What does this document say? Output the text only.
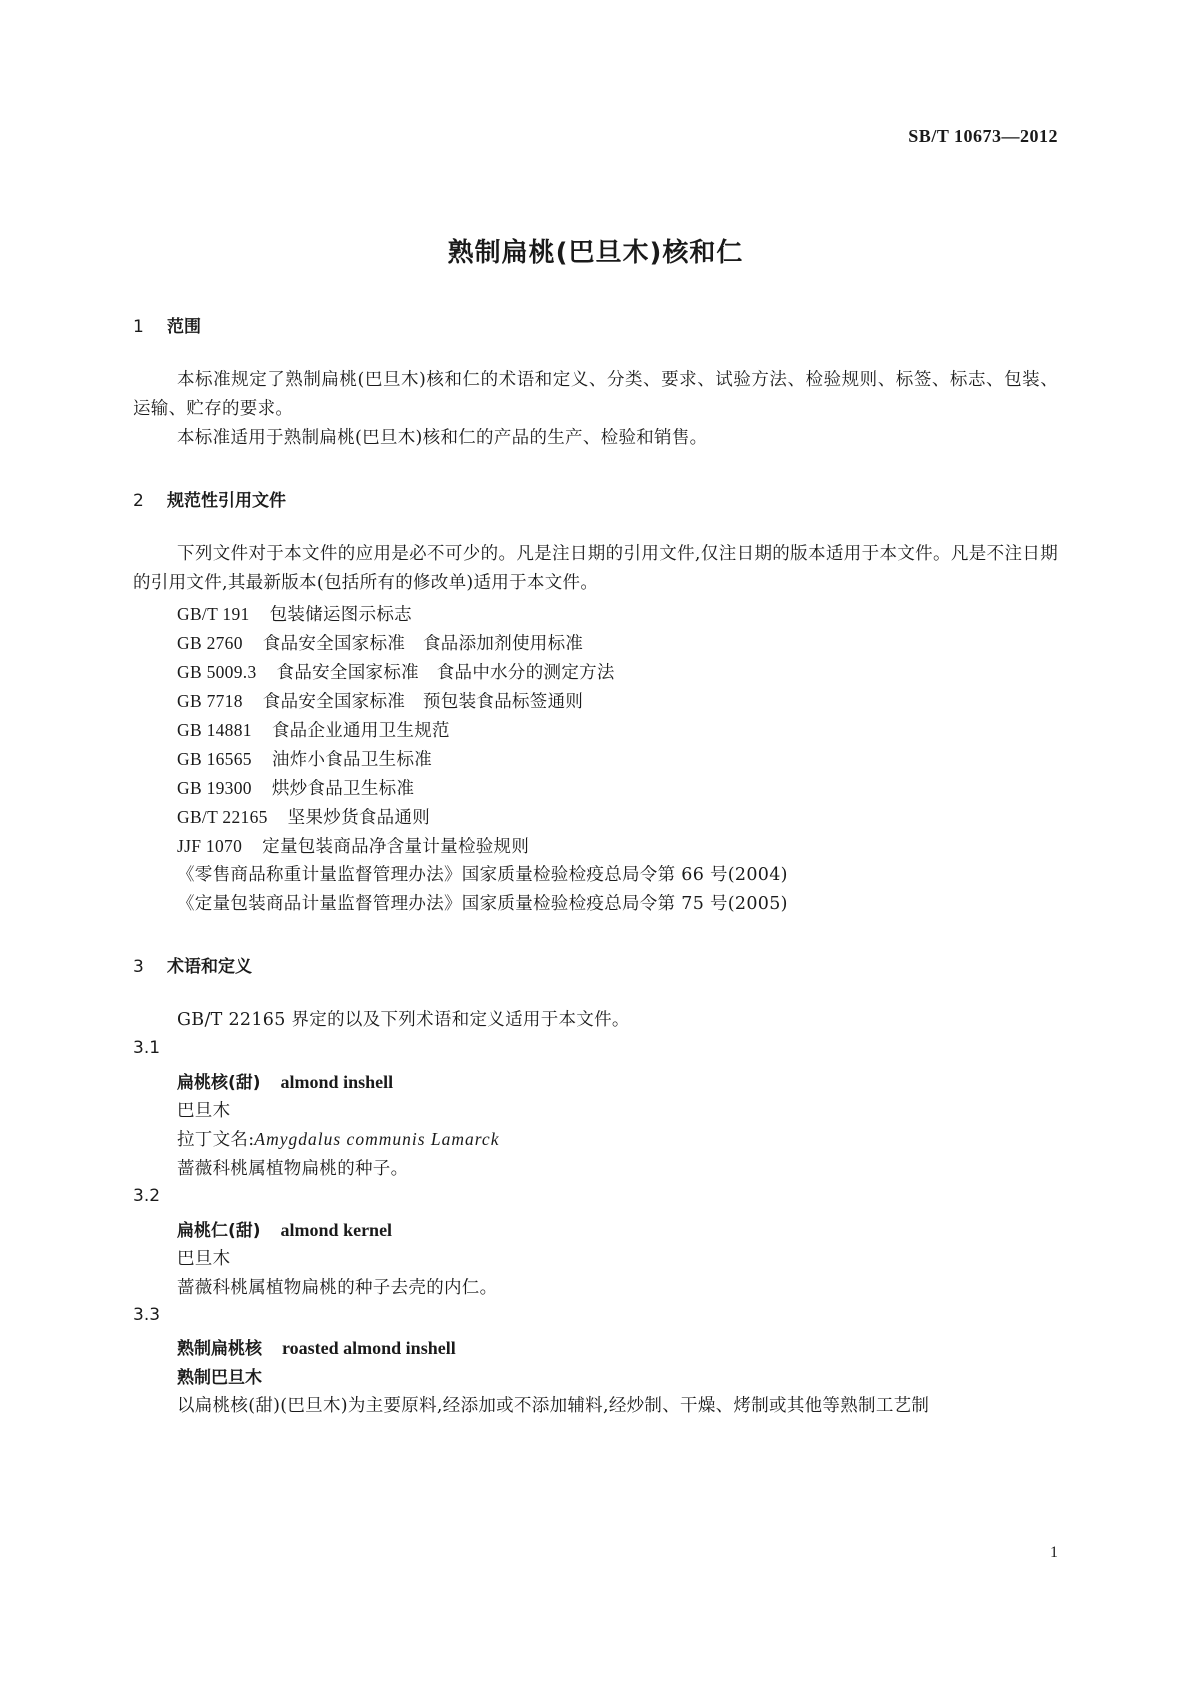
SB/T 10673—2012
熟制扁桃(巴旦木)核和仁
1 范围
本标准规定了熟制扁桃(巴旦木)核和仁的术语和定义、分类、要求、试验方法、检验规则、标签、标志、包装、运输、贮存的要求。
本标准适用于熟制扁桃(巴旦木)核和仁的产品的生产、检验和销售。
2 规范性引用文件
下列文件对于本文件的应用是必不可少的。凡是注日期的引用文件,仅注日期的版本适用于本文件。凡是不注日期的引用文件,其最新版本(包括所有的修改单)适用于本文件。
GB/T 191 包装储运图示标志
GB 2760 食品安全国家标准　食品添加剂使用标准
GB 5009.3 食品安全国家标准　食品中水分的测定方法
GB 7718 食品安全国家标准　预包装食品标签通则
GB 14881 食品企业通用卫生规范
GB 16565 油炸小食品卫生标准
GB 19300 烘炒食品卫生标准
GB/T 22165 坚果炒货食品通则
JJF 1070 定量包装商品净含量计量检验规则
《零售商品称重计量监督管理办法》国家质量检验检疫总局令第 66 号(2004)
《定量包装商品计量监督管理办法》国家质量检验检疫总局令第 75 号(2005)
3 术语和定义
GB/T 22165 界定的以及下列术语和定义适用于本文件。
3.1
扁桃核(甜) almond inshell
巴旦木
拉丁文名:Amygdalus communis Lamarck
蔷薇科桃属植物扁桃的种子。
3.2
扁桃仁(甜) almond kernel
巴旦木
蔷薇科桃属植物扁桃的种子去壳的内仁。
3.3
熟制扁桃核 roasted almond inshell
熟制巴旦木
以扁桃核(甜)(巴旦木)为主要原料,经添加或不添加辅料,经炒制、干燥、烤制或其他等熟制工艺制
1
